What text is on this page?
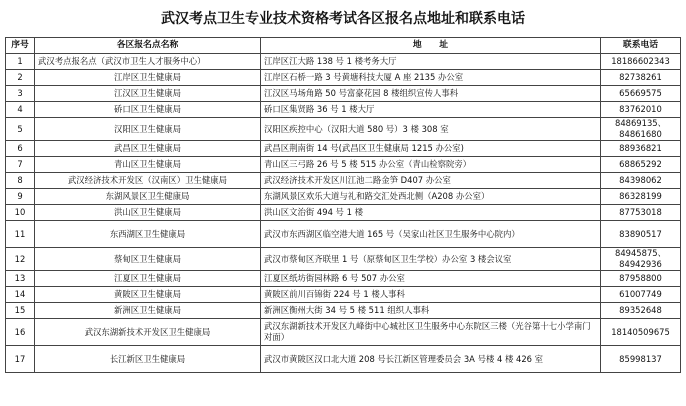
武汉考点卫生专业技术资格考试各区报名点地址和联系电话
序号	各区报名点名称	地　　址	联系电话
1	武汉考点报名点（武汉市卫生人才服务中心）	江岸区江大路 138 号 1 楼考务大厅	18186602343
2	江岸区卫生健康局	江岸区石桥一路 3 号黄塘科技大厦 A 座 2135 办公室	82738261
3	江汉区卫生健康局	江汉区马场角路 50 号富豪花园 8 楼组织宣传人事科	65669575
4	硚口区卫生健康局	硚口区集贤路 36 号 1 楼大厅	83762010
5	汉阳区卫生健康局	汉阳区疾控中心（汉阳大道 580 号）3 楼 308 室	84869135、84861680
6	武昌区卫生健康局	武昌区荆南街 14 号(武昌区卫生健康局 1215 办公室)	88936821
7	青山区卫生健康局	青山区三弓路 26 号 5 楼 515 办公室（青山检察院旁）	68865292
8	武汉经济技术开发区（汉南区）卫生健康局	武汉经济技术开发区川江池二路金笋 D407 办公室	84398062
9	东湖风景区卫生健康局	东湖风景区欢乐大道与礼和路交汇处西北侧（A208 办公室）	86328199
10	洪山区卫生健康局	洪山区文治街 494 号 1 楼	87753018
11	东西湖区卫生健康局	武汉市东西湖区临空港大道 165 号（吴家山社区卫生服务中心院内）	83890517
12	蔡甸区卫生健康局	武汉市蔡甸区齐联里 1 号（原蔡甸区卫生学校）办公室 3 楼会议室	84945875、84942936
13	江夏区卫生健康局	江夏区纸坊街园林路 6 号 507 办公室	87958800
14	黄陂区卫生健康局	黄陂区前川百锦街 224 号 1 楼人事科	61007749
15	新洲区卫生健康局	新洲区衡州大街 34 号 5 楼 511 组织人事科	89352648
16	武汉东湖新技术开发区卫生健康局	武汉东湖新技术开发区九峰街中心城社区卫生服务中心东院区三楼（光谷第十七小学南门对面）	18140509675
17	长江新区卫生健康局	武汉市黄陂区汉口北大道 208 号长江新区管理委员会 3A 号楼 4 楼 426 室	85998137
